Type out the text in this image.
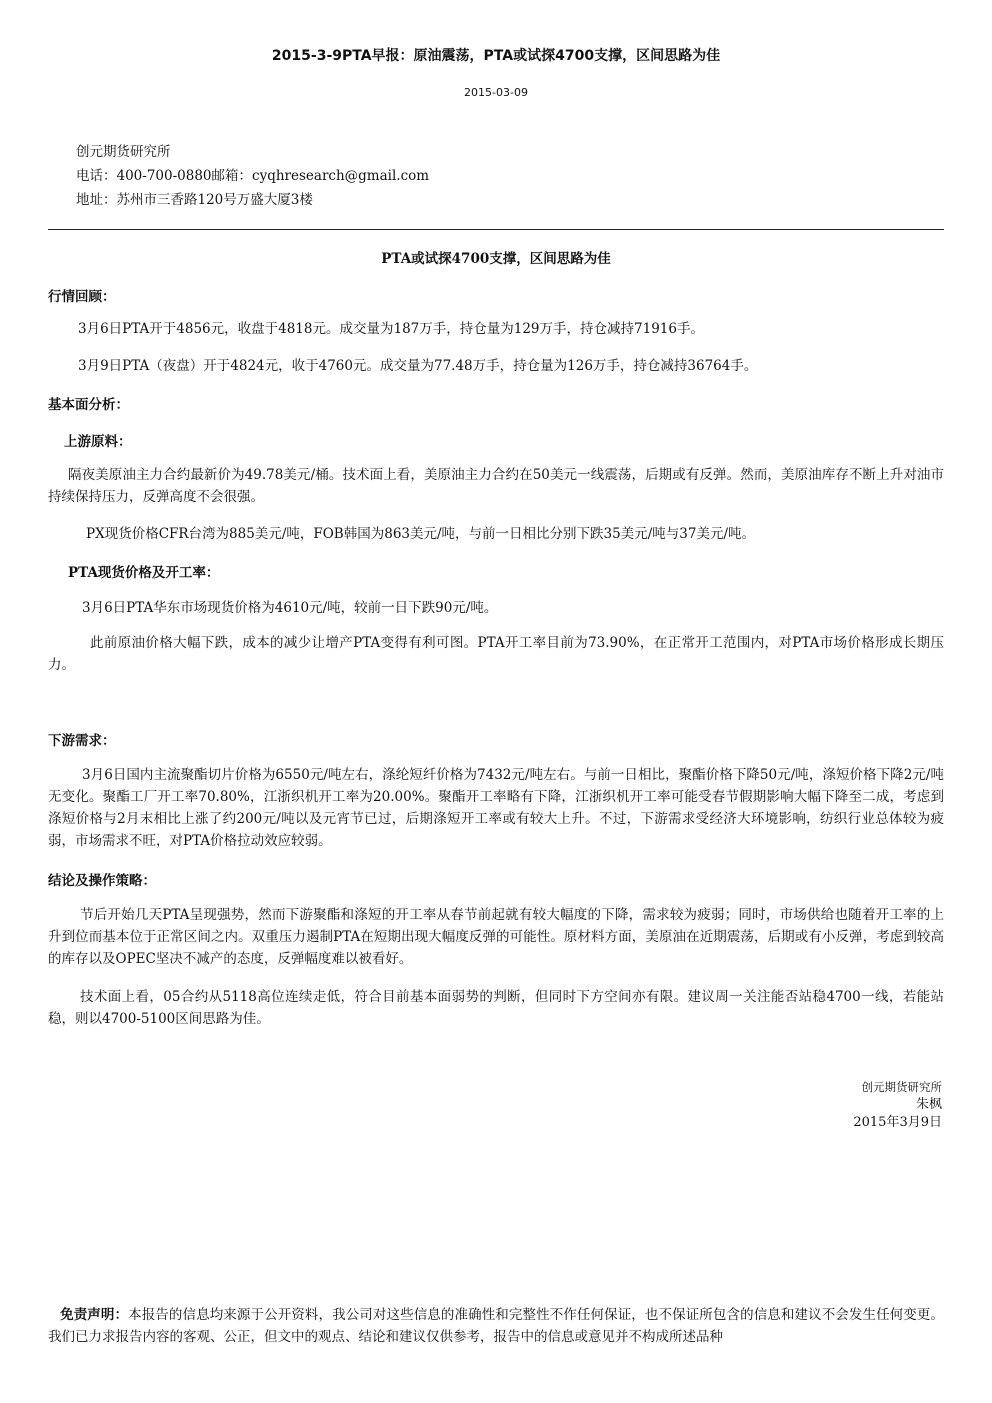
2015-3-9PTA早报：原油震荡，PTA或试探4700支撑，区间思路为佳
2015-03-09
创元期货研究所
电话：400-700-0880邮箱：cyqhresearch@gmail.com
地址：苏州市三香路120号万盛大厦3楼
PTA或试探4700支撑，区间思路为佳
行情回顾：
3月6日PTA开于4856元，收盘于4818元。成交量为187万手，持仓量为129万手，持仓减持71916手。
3月9日PTA（夜盘）开于4824元，收于4760元。成交量为77.48万手，持仓量为126万手，持仓减持36764手。
基本面分析：
上游原料：
隔夜美原油主力合约最新价为49.78美元/桶。技术面上看，美原油主力合约在50美元一线震荡，后期或有反弹。然而，美原油库存不断上升对油市持续保持压力，反弹高度不会很强。
PX现货价格CFR台湾为885美元/吨，FOB韩国为863美元/吨，与前一日相比分别下跌35美元/吨与37美元/吨。
PTA现货价格及开工率：
3月6日PTA华东市场现货价格为4610元/吨，较前一日下跌90元/吨。
此前原油价格大幅下跌，成本的减少让增产PTA变得有利可图。PTA开工率目前为73.90%，在正常开工范围内，对PTA市场价格形成长期压力。
下游需求：
3月6日国内主流聚酯切片价格为6550元/吨左右，涤纶短纤价格为7432元/吨左右。与前一日相比，聚酯价格下降50元/吨，涤短价格下降2元/吨无变化。聚酯工厂开工率70.80%，江浙织机开工率为20.00%。聚酯开工率略有下降，江浙织机开工率可能受春节假期影响大幅下降至二成，考虑到涤短价格与2月末相比上涨了约200元/吨以及元宵节已过，后期涤短开工率或有较大上升。不过，下游需求受经济大环境影响，纺织行业总体较为疲弱，市场需求不旺，对PTA价格拉动效应较弱。
结论及操作策略：
节后开始几天PTA呈现强势，然而下游聚酯和涤短的开工率从春节前起就有较大幅度的下降，需求较为疲弱；同时，市场供给也随着开工率的上升到位而基本位于正常区间之内。双重压力遏制PTA在短期出现大幅度反弹的可能性。原材料方面，美原油在近期震荡，后期或有小反弹，考虑到较高的库存以及OPEC坚决不减产的态度，反弹幅度难以被看好。
技术面上看，05合约从5118高位连续走低，符合目前基本面弱势的判断，但同时下方空间亦有限。建议周一关注能否站稳4700一线，若能站稳，则以4700-5100区间思路为佳。
创元期货研究所
朱枫
2015年3月9日
免责声明：本报告的信息均来源于公开资料，我公司对这些信息的准确性和完整性不作任何保证，也不保证所包含的信息和建议不会发生任何变更。我们已力求报告内容的客观、公正，但文中的观点、结论和建议仅供参考，报告中的信息或意见并不构成所述品种
